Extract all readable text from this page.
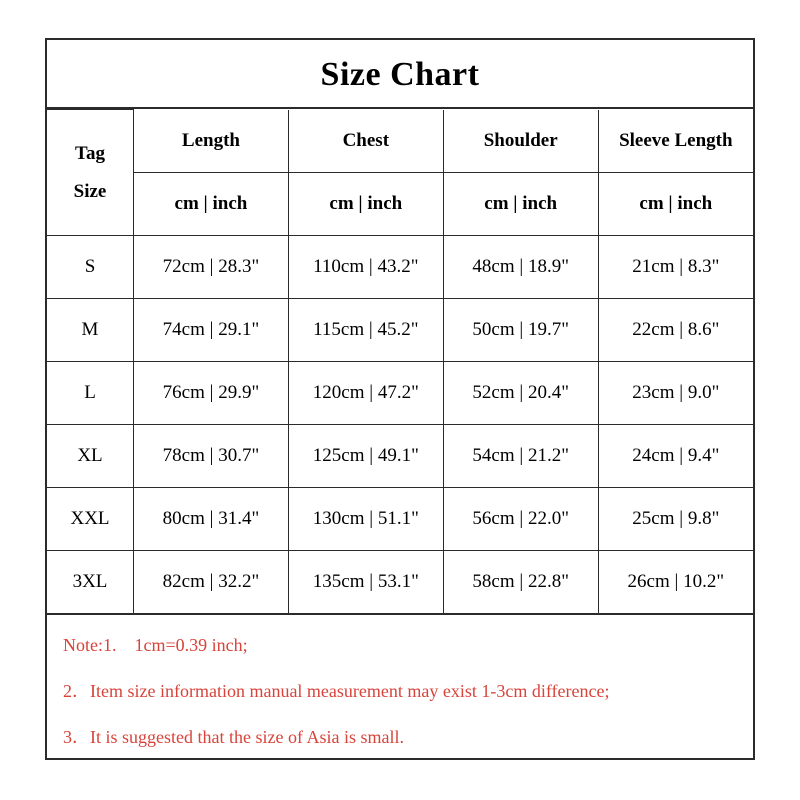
Size Chart
Tag
Size	Length	Chest	Shoulder	Sleeve Length
	cm | inch	cm | inch	cm | inch	cm | inch
S	72cm | 28.3"	110cm | 43.2"	48cm | 18.9"	21cm | 8.3"
M	74cm | 29.1"	115cm | 45.2"	50cm | 19.7"	22cm | 8.6"
L	76cm | 29.9"	120cm | 47.2"	52cm | 20.4"	23cm | 9.0"
XL	78cm | 30.7"	125cm | 49.1"	54cm | 21.2"	24cm | 9.4"
XXL	80cm | 31.4"	130cm | 51.1"	56cm | 22.0"	25cm | 9.8"
3XL	82cm | 32.2"	135cm | 53.1"	58cm | 22.8"	26cm | 10.2"
Note:1.    1cm=0.39 inch;
2．Item size information manual measurement may exist 1-3cm difference;
3．It is suggested that the size of Asia is small.
